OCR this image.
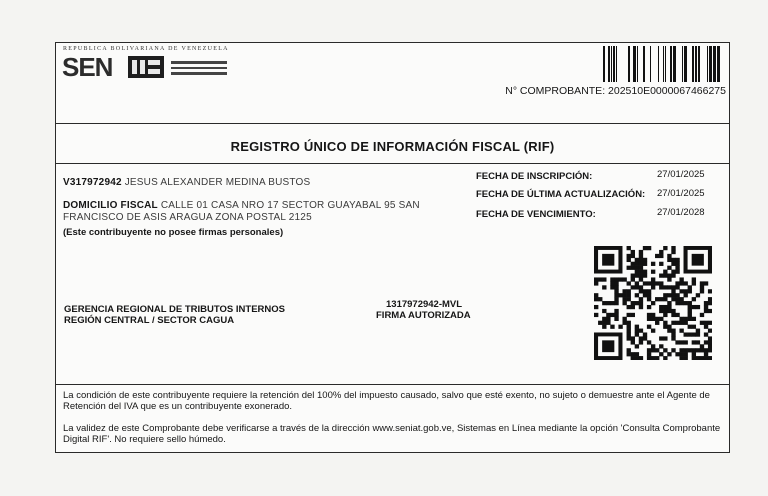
REPUBLICA BOLIVARIANA DE VENEZUELA
SEN
N° COMPROBANTE: 202510E0000067466275
REGISTRO ÚNICO DE INFORMACIÓN FISCAL (RIF)
V317972942 JESUS ALEXANDER MEDINA BUSTOS
DOMICILIO FISCAL CALLE 01 CASA NRO 17 SECTOR GUAYABAL 95 SAN
FRANCISCO DE ASIS ARAGUA ZONA POSTAL 2125
(Este contribuyente no posee firmas personales)
FECHA DE INSCRIPCIÓN:	27/01/2025
FECHA DE ÚLTIMA ACTUALIZACIÓN: 27/01/2025
FECHA DE VENCIMIENTO:	27/01/2028
GERENCIA REGIONAL DE TRIBUTOS INTERNOS
REGIÓN CENTRAL / SECTOR CAGUA
1317972942-MVL
FIRMA AUTORIZADA
La condición de este contribuyente requiere la retención del 100% del impuesto causado, salvo que esté exento, no sujeto o demuestre ante el Agente de Retención del IVA que es un contribuyente exonerado.
La validez de este Comprobante debe verificarse a través de la dirección www.seniat.gob.ve, Sistemas en Línea mediante la opción 'Consulta Comprobante Digital RIF'. No requiere sello húmedo.
